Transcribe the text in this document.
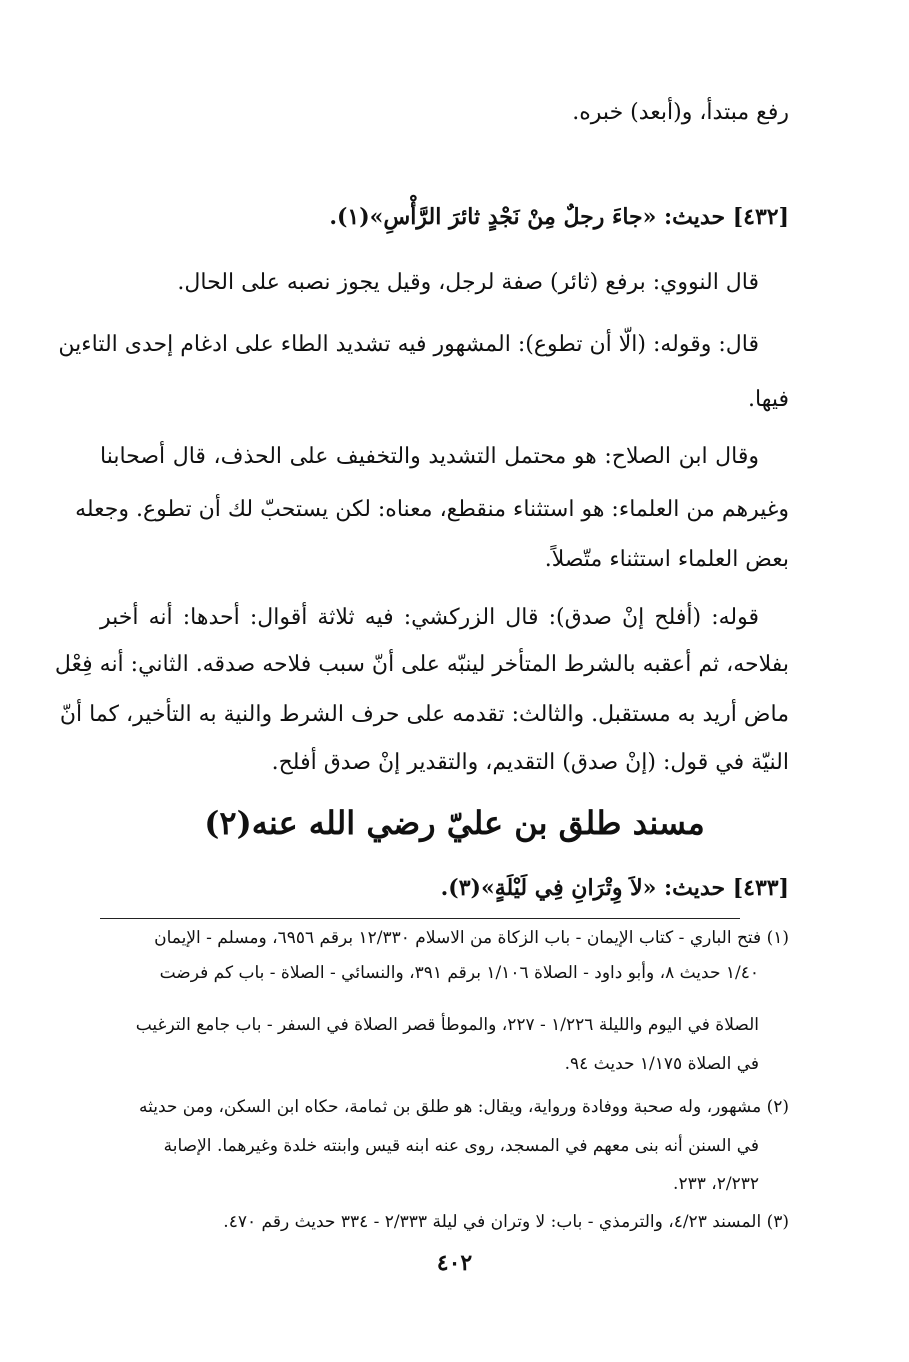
رفع مبتدأ، و(أبعد) خبره.
[٤٣٢] حديث: «جاءَ رجلٌ مِنْ نَجْدٍ ثائرَ الرَّأْسِ»(١).
قال النووي: برفع (ثائر) صفة لرجل، وقيل يجوز نصبه على الحال.
قال: وقوله: (الّا أن تطوع): المشهور فيه تشديد الطاء على ادغام إحدى التاءين
فيها.
وقال ابن الصلاح: هو محتمل التشديد والتخفيف على الحذف، قال أصحابنا
وغيرهم من العلماء: هو استثناء منقطع، معناه: لكن يستحبّ لك أن تطوع. وجعله
بعض العلماء استثناء متّصلاً.
قوله: (أفلح إنْ صدق): قال الزركشي: فيه ثلاثة أقوال: أحدها: أنه أخبر
بفلاحه، ثم أعقبه بالشرط المتأخر لينبّه على أنّ سبب فلاحه صدقه. الثاني: أنه فِعْل
ماض أريد به مستقبل. والثالث: تقدمه على حرف الشرط والنية به التأخير، كما أنّ
النيّة في قول: (إنْ صدق) التقديم، والتقدير إنْ صدق أفلح.
مسند طلق بن عليّ رضي الله عنه(٢)
[٤٣٣] حديث: «لاَ وِتْرَانِ فِي لَيْلَةٍ»(٣).
(١) فتح الباري - كتاب الإيمان - باب الزكاة من الاسلام ١٢/٣٣٠ برقم ٦٩٥٦، ومسلم - الإيمان
١/٤٠ حديث ٨، وأبو داود - الصلاة ١/١٠٦ برقم ٣٩١، والنسائي - الصلاة - باب كم فرضت
الصلاة في اليوم والليلة ١/٢٢٦ - ٢٢٧، والموطأ قصر الصلاة في السفر - باب جامع الترغيب
في الصلاة ١/١٧٥ حديث ٩٤.
(٢) مشهور، وله صحبة ووفادة ورواية، ويقال: هو طلق بن ثمامة، حكاه ابن السكن، ومن حديثه
في السنن أنه بنى معهم في المسجد، روى عنه ابنه قيس وابنته خلدة وغيرهما. الإصابة
٢/٢٣٢، ٢٣٣.
(٣) المسند ٤/٢٣، والترمذي - باب: لا وتران في ليلة ٢/٣٣٣ - ٣٣٤ حديث رقم ٤٧٠.
٤٠٢
